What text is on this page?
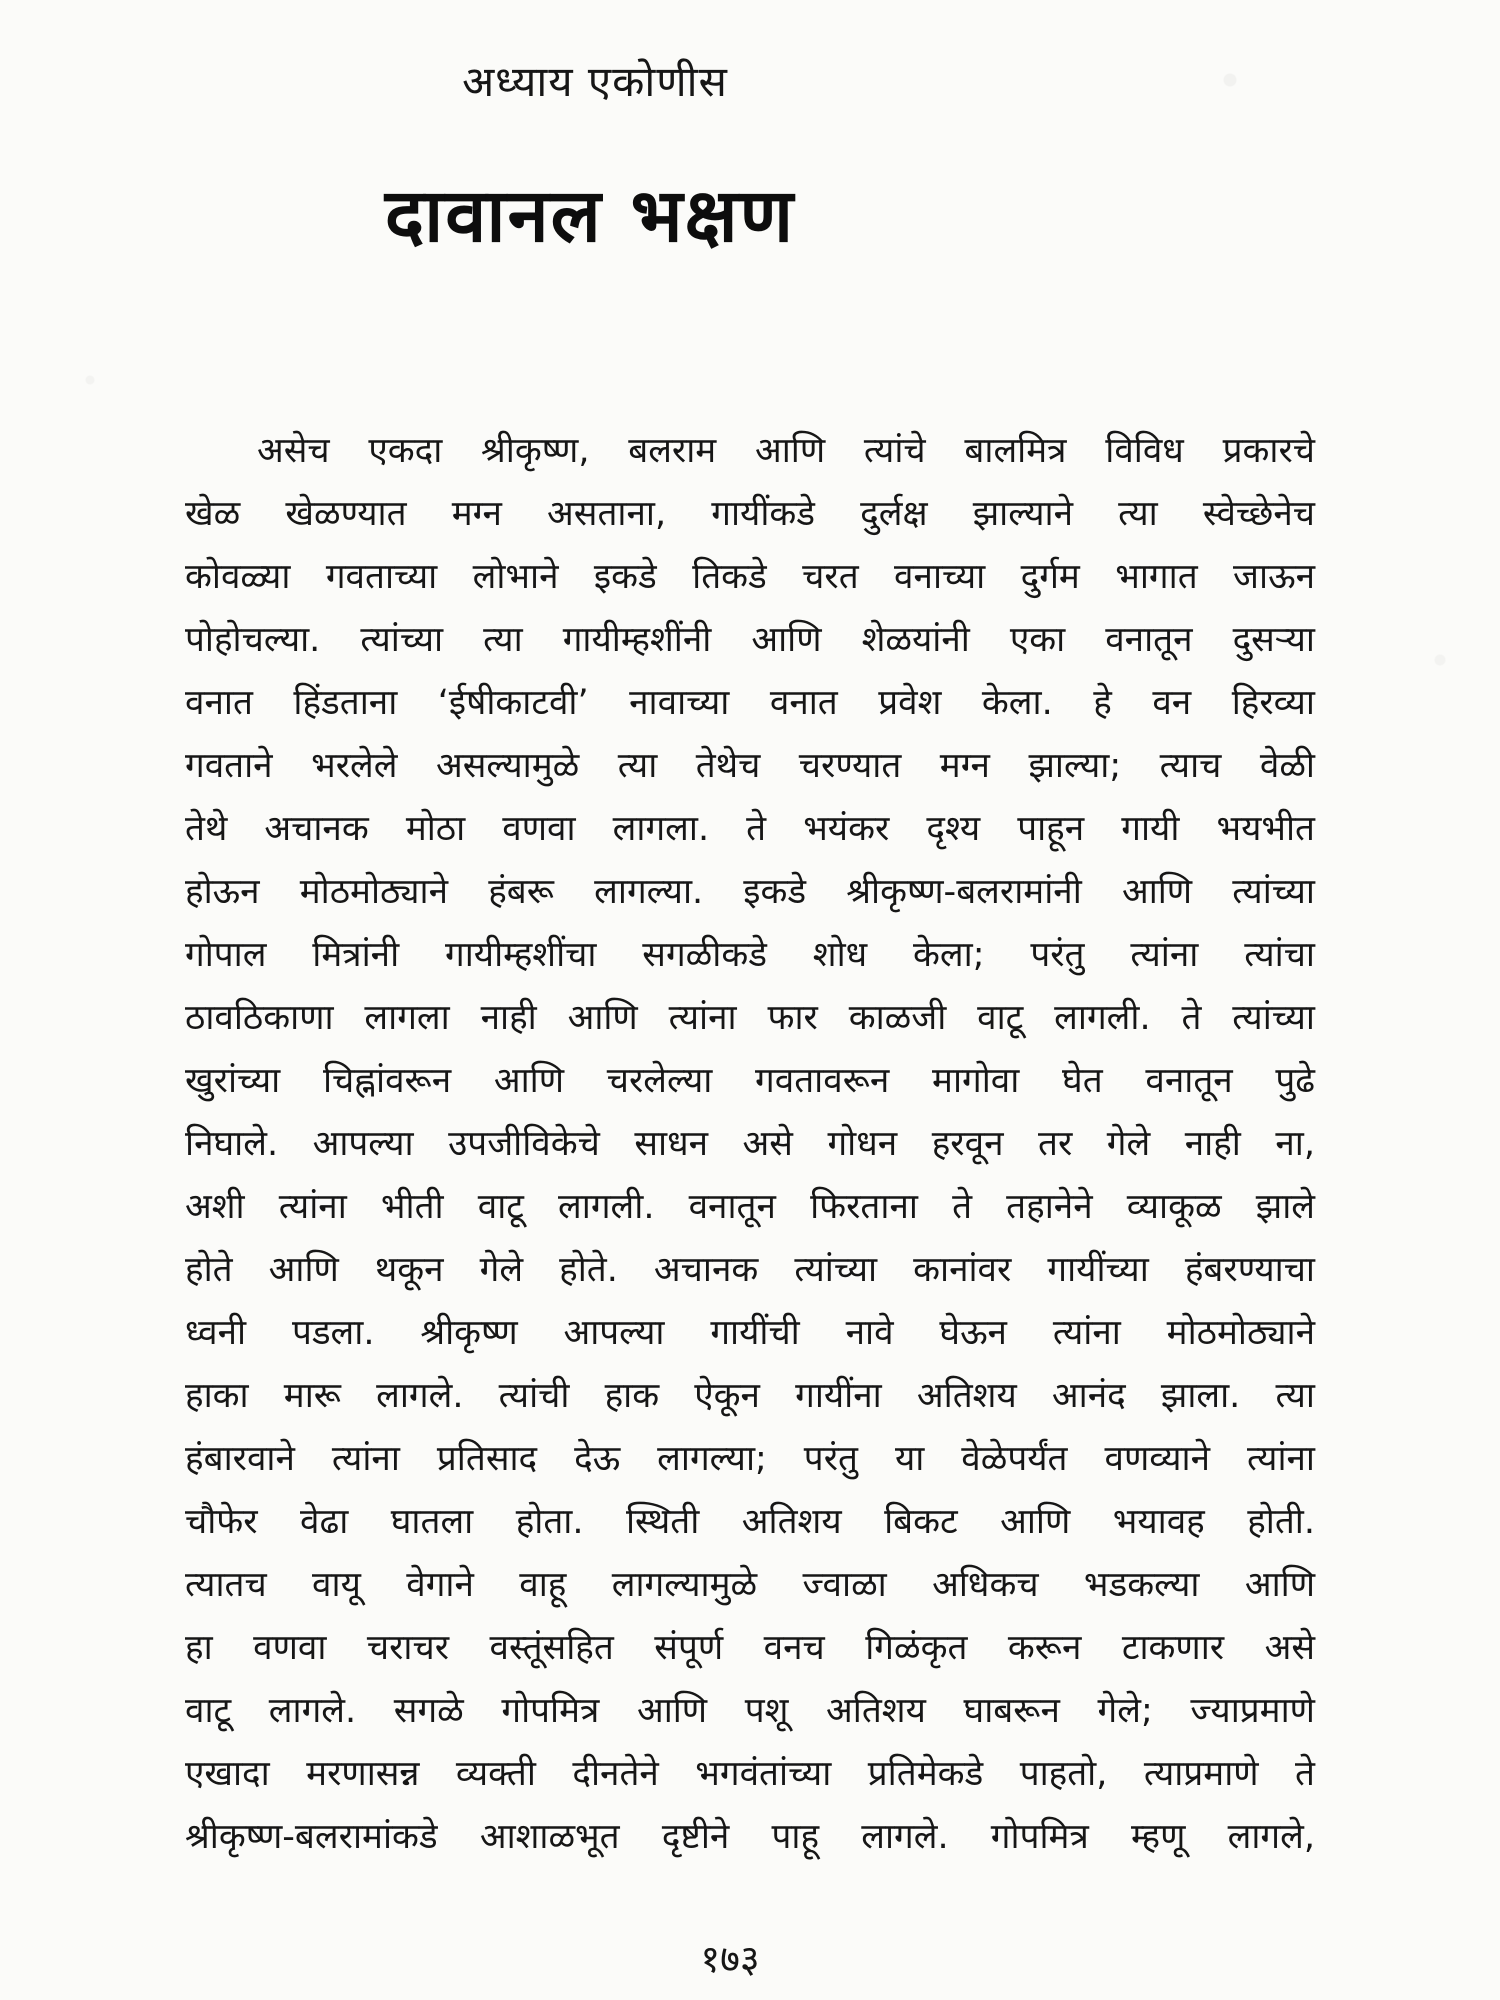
अध्याय एकोणीस
दावानल भक्षण
असेच एकदा श्रीकृष्ण, बलराम आणि त्यांचे बालमित्र विविध प्रकारचे
खेळ खेळण्यात मग्न असताना, गायींकडे दुर्लक्ष झाल्याने त्या स्वेच्छेनेच
कोवळ्या गवताच्या लोभाने इकडे तिकडे चरत वनाच्या दुर्गम भागात जाऊन
पोहोचल्या. त्यांच्या त्या गायीम्हशींनी आणि शेळयांनी एका वनातून दुसऱ्या
वनात हिंडताना ‘ईषीकाटवी’ नावाच्या वनात प्रवेश केला. हे वन हिरव्या
गवताने भरलेले असल्यामुळे त्या तेथेच चरण्यात मग्न झाल्या; त्याच वेळी
तेथे अचानक मोठा वणवा लागला. ते भयंकर दृश्य पाहून गायी भयभीत
होऊन मोठमोठ्याने हंबरू लागल्या. इकडे श्रीकृष्ण-बलरामांनी आणि त्यांच्या
गोपाल मित्रांनी गायीम्हशींचा सगळीकडे शोध केला; परंतु त्यांना त्यांचा
ठावठिकाणा लागला नाही आणि त्यांना फार काळजी वाटू लागली. ते त्यांच्या
खुरांच्या चिह्नांवरून आणि चरलेल्या गवतावरून मागोवा घेत वनातून पुढे
निघाले. आपल्या उपजीविकेचे साधन असे गोधन हरवून तर गेले नाही ना,
अशी त्यांना भीती वाटू लागली. वनातून फिरताना ते तहानेने व्याकूळ झाले
होते आणि थकून गेले होते. अचानक त्यांच्या कानांवर गायींच्या हंबरण्याचा
ध्वनी पडला. श्रीकृष्ण आपल्या गायींची नावे घेऊन त्यांना मोठमोठ्याने
हाका मारू लागले. त्यांची हाक ऐकून गायींना अतिशय आनंद झाला. त्या
हंबारवाने त्यांना प्रतिसाद देऊ लागल्या; परंतु या वेळेपर्यंत वणव्याने त्यांना
चौफेर वेढा घातला होता. स्थिती अतिशय बिकट आणि भयावह होती.
त्यातच वायू वेगाने वाहू लागल्यामुळे ज्वाळा अधिकच भडकल्या आणि
हा वणवा चराचर वस्तूंसहित संपूर्ण वनच गिळंकृत करून टाकणार असे
वाटू लागले. सगळे गोपमित्र आणि पशू अतिशय घाबरून गेले; ज्याप्रमाणे
एखादा मरणासन्न व्यक्ती दीनतेने भगवंतांच्या प्रतिमेकडे पाहतो, त्याप्रमाणे ते
श्रीकृष्ण-बलरामांकडे आशाळभूत दृष्टीने पाहू लागले. गोपमित्र म्हणू लागले,
१७३
